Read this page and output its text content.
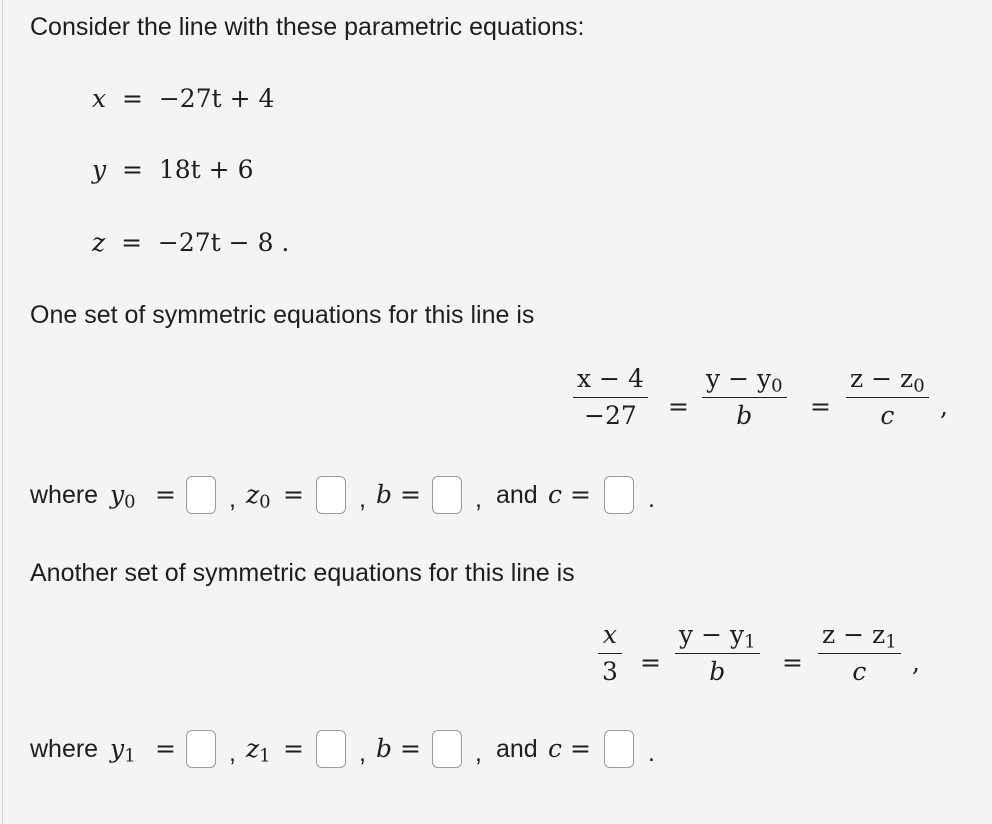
Consider the line with these parametric equations:
x  =  −27t + 4
y  =  18t + 6
z  =  −27t − 8 .
One set of symmetric equations for this line is
x − 4
−27 =
$y - y_0$
b =
$z - z_0$
c ,
where $y_0$ = , $z_0$ = , b = , and c = .
Another set of symmetric equations for this line is
x
3 =
$y - y_1$
b =
$z - z_1$
c ,
where $y_1$ = , $z_1$ = , b = , and c = .
